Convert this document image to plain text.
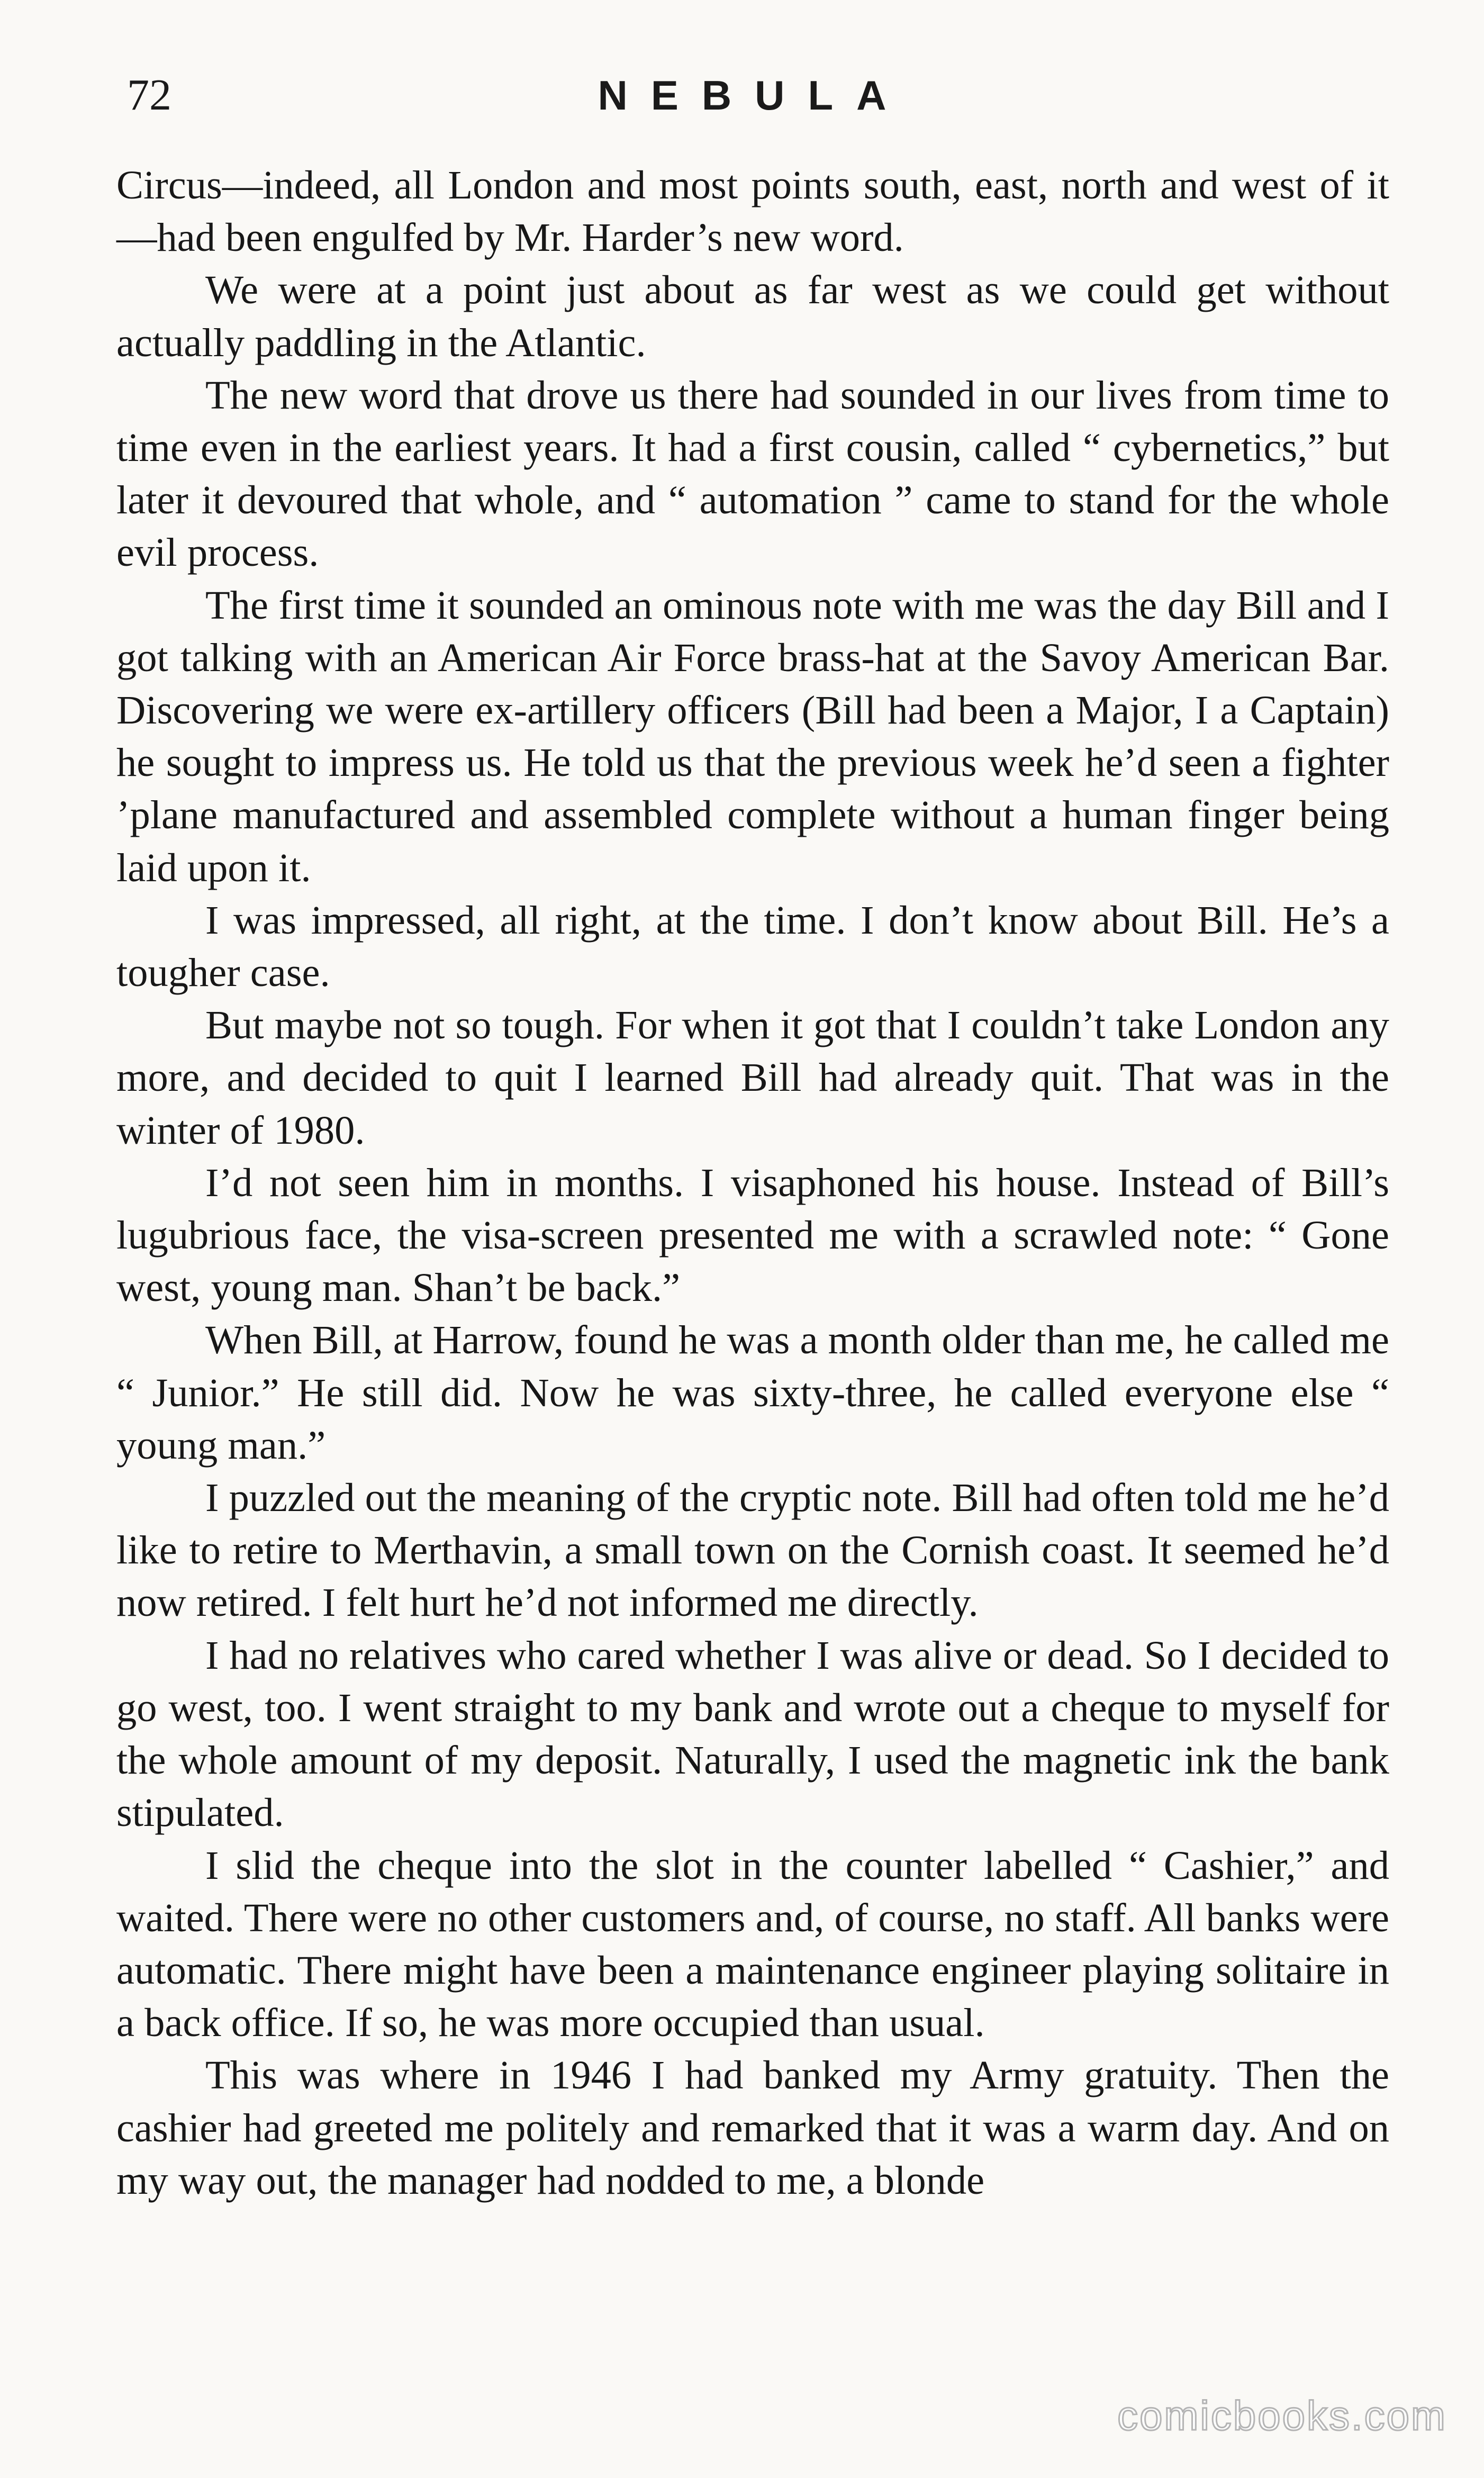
72	NEBULA

Circus—indeed, all London and most points south, east, north and west of it—had been engulfed by Mr. Harder’s new word.

We were at a point just about as far west as we could get without actually paddling in the Atlantic.

The new word that drove us there had sounded in our lives from time to time even in the earliest years. It had a first cousin, called “ cybernetics,” but later it devoured that whole, and “ automation ” came to stand for the whole evil process.

The first time it sounded an ominous note with me was the day Bill and I got talking with an American Air Force brass-hat at the Savoy American Bar. Discovering we were ex-artillery officers (Bill had been a Major, I a Captain) he sought to impress us. He told us that the previous week he’d seen a fighter ’plane manufactured and assembled complete without a human finger being laid upon it.

I was impressed, all right, at the time. I don’t know about Bill. He’s a tougher case.

But maybe not so tough. For when it got that I couldn’t take London any more, and decided to quit I learned Bill had already quit. That was in the winter of 1980.

I’d not seen him in months. I visaphoned his house. Instead of Bill’s lugubrious face, the visa-screen presented me with a scrawled note: “ Gone west, young man. Shan’t be back.”

When Bill, at Harrow, found he was a month older than me, he called me “ Junior.” He still did. Now he was sixty-three, he called everyone else “ young man.”

I puzzled out the meaning of the cryptic note. Bill had often told me he’d like to retire to Merthavin, a small town on the Cornish coast. It seemed he’d now retired. I felt hurt he’d not informed me directly.

I had no relatives who cared whether I was alive or dead. So I decided to go west, too. I went straight to my bank and wrote out a cheque to myself for the whole amount of my deposit. Naturally, I used the magnetic ink the bank stipulated.

I slid the cheque into the slot in the counter labelled “ Cashier,” and waited. There were no other customers and, of course, no staff. All banks were automatic. There might have been a maintenance engineer playing solitaire in a back office. If so, he was more occupied than usual.

This was where in 1946 I had banked my Army gratuity. Then the cashier had greeted me politely and remarked that it was a warm day. And on my way out, the manager had nodded to me, a blonde

comicbooks.com
